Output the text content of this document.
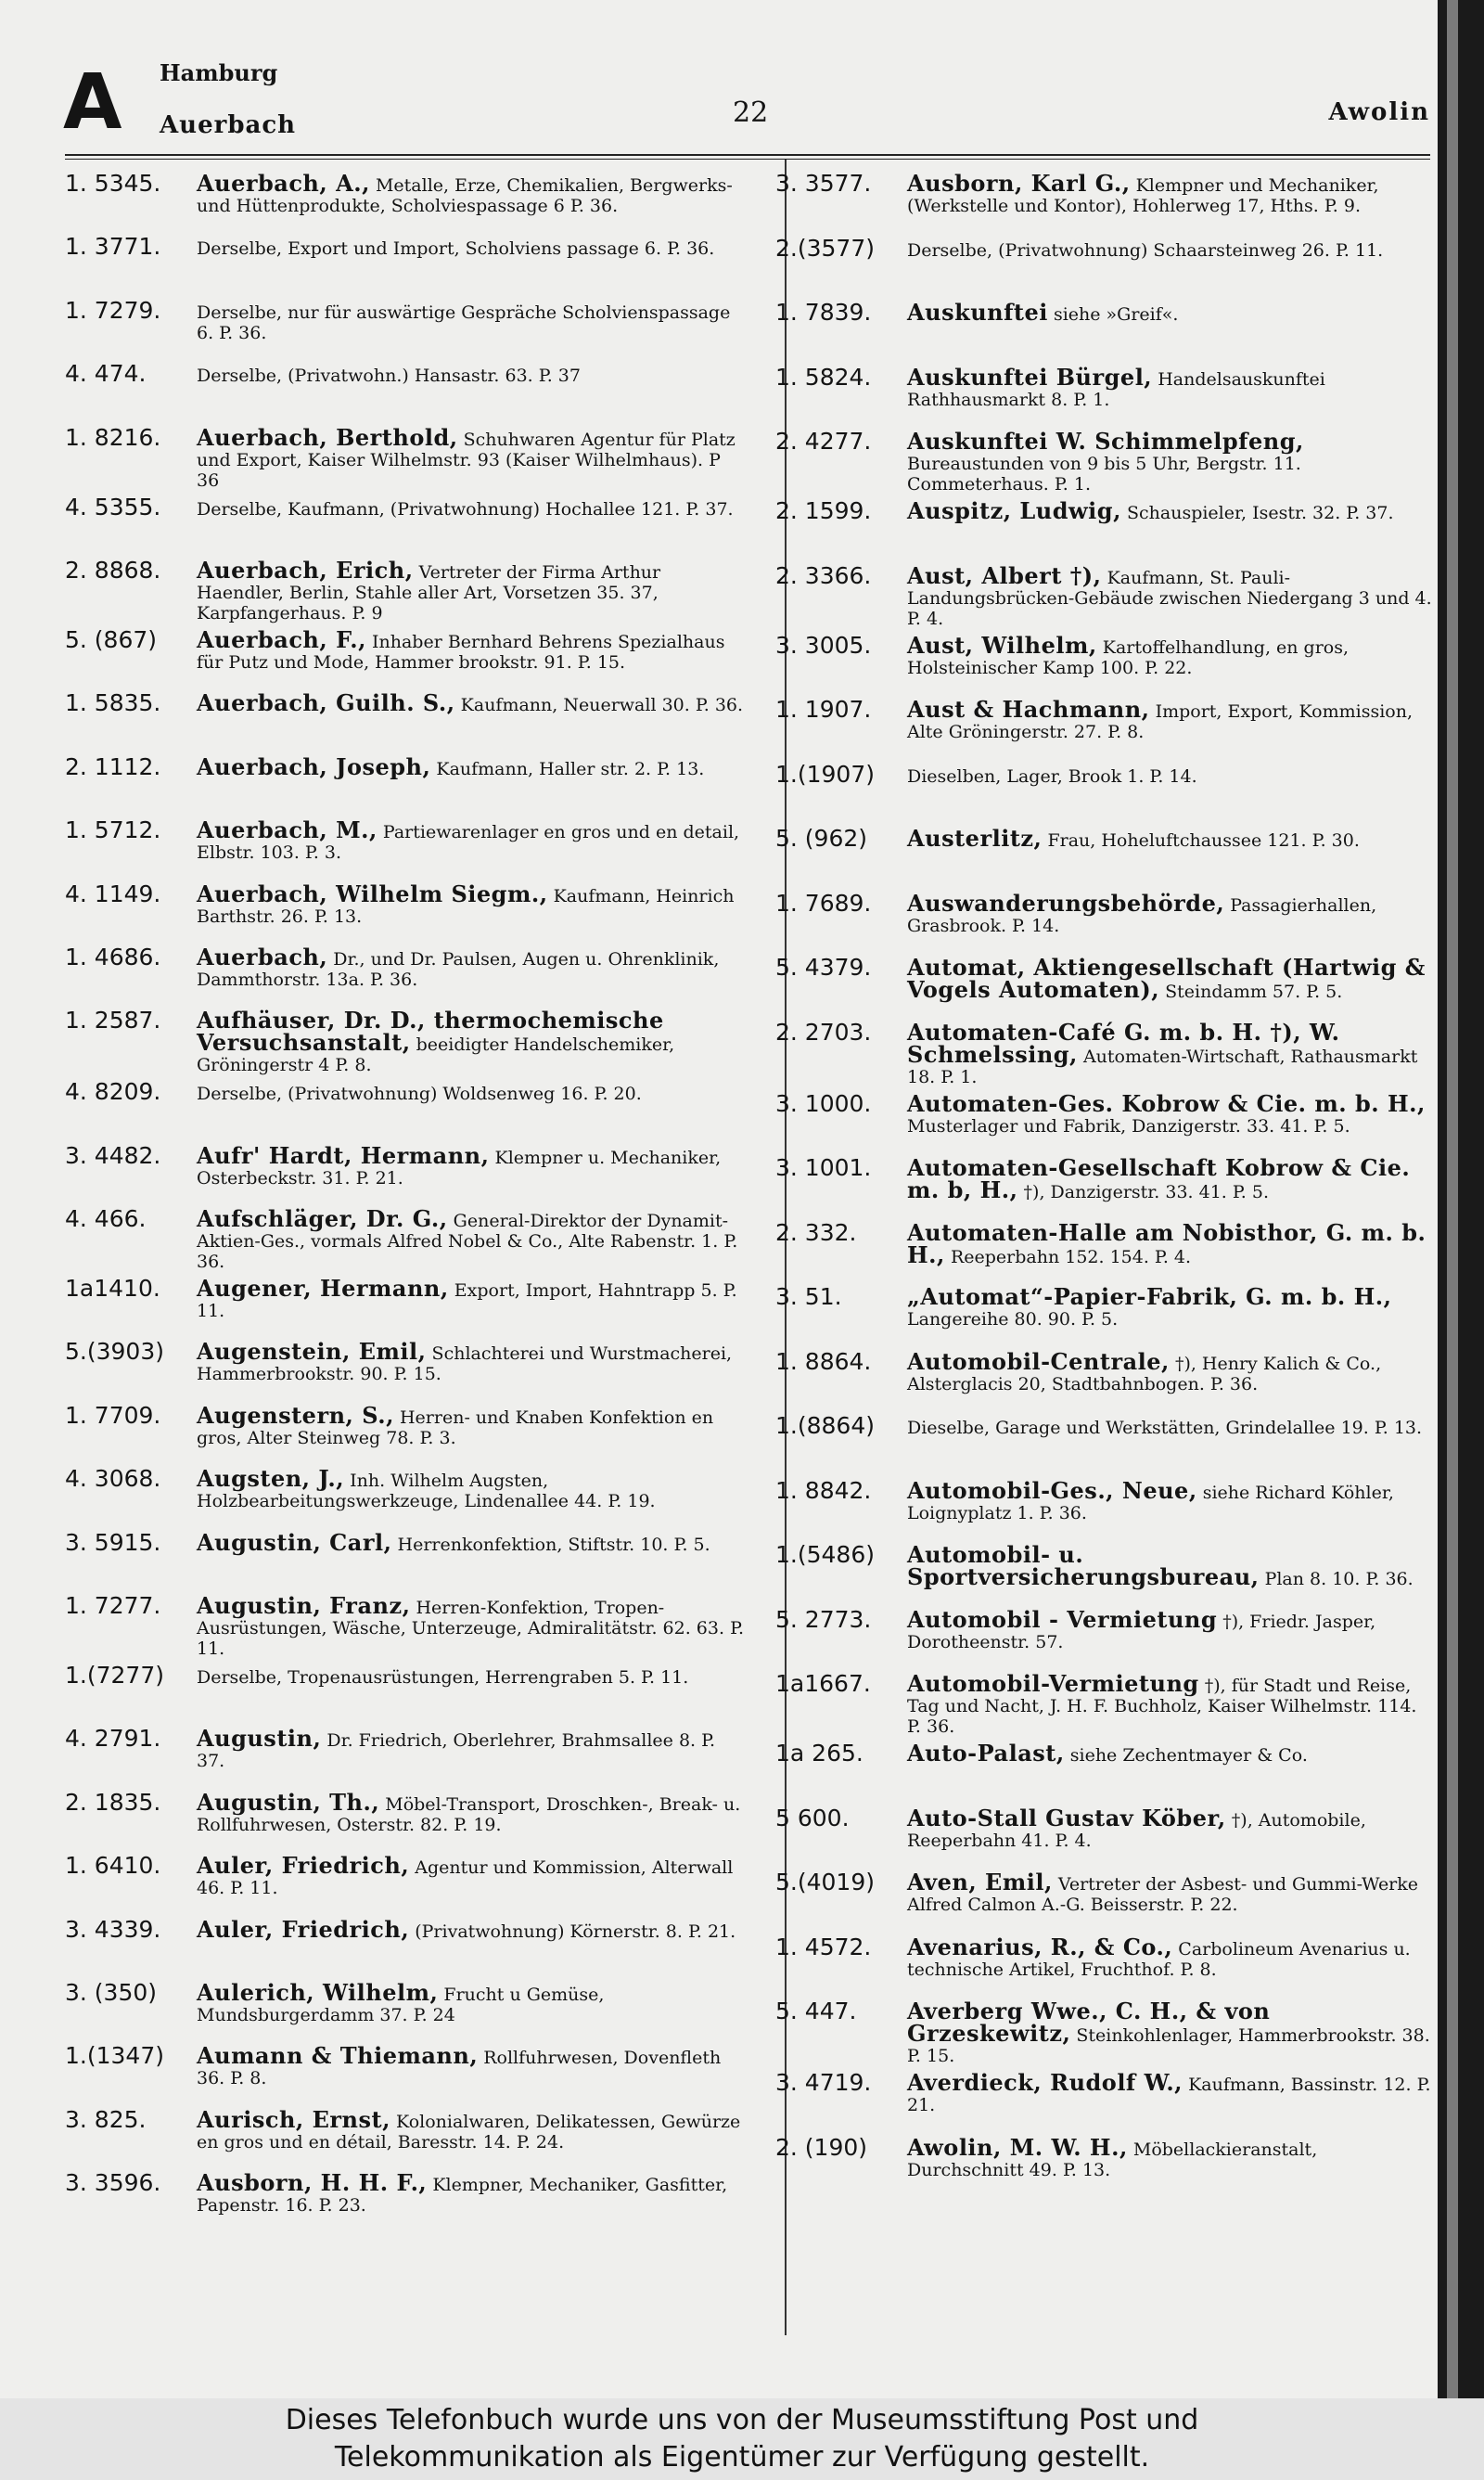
A Hamburg
Auerbach	22	Awolin
1. 5345.	Auerbach, A., Metalle, Erze, Chemikalien, Bergwerks- und Hüttenprodukte, Scholviespassage 6 P. 36.
1. 3771.	Derselbe, Export und Import, Scholviens passage 6. P. 36.
1. 7279.	Derselbe, nur für auswärtige Gespräche Scholvienspassage 6. P. 36.
4. 474.	Derselbe, (Privatwohn.) Hansastr. 63. P. 37
1. 8216.	Auerbach, Berthold, Schuhwaren Agentur für Platz und Export, Kaiser Wilhelmstr. 93 (Kaiser Wilhelmhaus). P 36
4. 5355.	Derselbe, Kaufmann, (Privatwohnung) Hochallee 121. P. 37.
2. 8868.	Auerbach, Erich, Vertreter der Firma Arthur Haendler, Berlin, Stahle aller Art, Vorsetzen 35. 37, Karpfangerhaus. P. 9
5. (867)	Auerbach, F., Inhaber Bernhard Behrens Spezialhaus für Putz und Mode, Hammer brookstr. 91. P. 15.
1. 5835.	Auerbach, Guilh. S., Kaufmann, Neuerwall 30. P. 36.
2. 1112.	Auerbach, Joseph, Kaufmann, Haller str. 2. P. 13.
1. 5712.	Auerbach, M., Partiewarenlager en gros und en detail, Elbstr. 103. P. 3.
4. 1149.	Auerbach, Wilhelm Siegm., Kaufmann, Heinrich Barthstr. 26. P. 13.
1. 4686.	Auerbach, Dr., und Dr. Paulsen, Augen u. Ohrenklinik, Dammthorstr. 13a. P. 36.
1. 2587.	Aufhäuser, Dr. D., thermochemische Versuchsanstalt, beeidigter Handelschemiker, Gröningerstr 4 P. 8.
4. 8209.	Derselbe, (Privatwohnung) Woldsenweg 16. P. 20.
3. 4482.	Aufr' Hardt, Hermann, Klempner u. Mechaniker, Osterbeckstr. 31. P. 21.
4. 466.	Aufschläger, Dr. G., General-Direktor der Dynamit-Aktien-Ges., vormals Alfred Nobel & Co., Alte Rabenstr. 1. P. 36.
1a1410.	Augener, Hermann, Export, Import, Hahntrapp 5. P. 11.
5.(3903)	Augenstein, Emil, Schlachterei und Wurstmacherei, Hammerbrookstr. 90. P. 15.
1. 7709.	Augenstern, S., Herren- und Knaben Konfektion en gros, Alter Steinweg 78. P. 3.
4. 3068.	Augsten, J., Inh. Wilhelm Augsten, Holzbearbeitungswerkzeuge, Lindenallee 44. P. 19.
3. 5915.	Augustin, Carl, Herrenkonfektion, Stiftstr. 10. P. 5.
1. 7277.	Augustin, Franz, Herren-Konfektion, Tropen-Ausrüstungen, Wäsche, Unterzeuge, Admiralitätstr. 62. 63. P. 11.
1.(7277)	Derselbe, Tropenausrüstungen, Herrengraben 5. P. 11.
4. 2791.	Augustin, Dr. Friedrich, Oberlehrer, Brahmsallee 8. P. 37.
2. 1835.	Augustin, Th., Möbel-Transport, Droschken-, Break- u. Rollfuhrwesen, Osterstr. 82. P. 19.
1. 6410.	Auler, Friedrich, Agentur und Kommission, Alterwall 46. P. 11.
3. 4339.	Auler, Friedrich, (Privatwohnung) Körnerstr. 8. P. 21.
3. (350)	Aulerich, Wilhelm, Frucht u Gemüse, Mundsburgerdamm 37. P. 24
1.(1347)	Aumann & Thiemann, Rollfuhrwesen, Dovenfleth 36. P. 8.
3. 825.	Aurisch, Ernst, Kolonialwaren, Delikatessen, Gewürze en gros und en détail, Baresstr. 14. P. 24.
3. 3596.	Ausborn, H. H. F., Klempner, Mechaniker, Gasfitter, Papenstr. 16. P. 23.
3. 3577.	Ausborn, Karl G., Klempner und Mechaniker, (Werkstelle und Kontor), Hohlerweg 17, Hths. P. 9.
2.(3577)	Derselbe, (Privatwohnung) Schaarsteinweg 26. P. 11.
1. 7839.	Auskunftei siehe »Greif«.
1. 5824.	Auskunftei Bürgel, Handelsauskunftei Rathhausmarkt 8. P. 1.
2. 4277.	Auskunftei W. Schimmelpfeng, Bureaustunden von 9 bis 5 Uhr, Bergstr. 11. Commeterhaus. P. 1.
2. 1599.	Auspitz, Ludwig, Schauspieler, Isestr. 32. P. 37.
2. 3366.	Aust, Albert †), Kaufmann, St. Pauli-Landungsbrücken-Gebäude zwischen Niedergang 3 und 4. P. 4.
3. 3005.	Aust, Wilhelm, Kartoffelhandlung, en gros, Holsteinischer Kamp 100. P. 22.
1. 1907.	Aust & Hachmann, Import, Export, Kommission, Alte Gröningerstr. 27. P. 8.
1.(1907)	Dieselben, Lager, Brook 1. P. 14.
5. (962)	Austerlitz, Frau, Hoheluftchaussee 121. P. 30.
1. 7689.	Auswanderungsbehörde, Passagierhallen, Grasbrook. P. 14.
5. 4379.	Automat, Aktiengesellschaft (Hartwig & Vogels Automaten), Steindamm 57. P. 5.
2. 2703.	Automaten-Café G. m. b. H. †), W. Schmelssing, Automaten-Wirtschaft, Rathausmarkt 18. P. 1.
3. 1000.	Automaten-Ges. Kobrow & Cie. m. b. H., Musterlager und Fabrik, Danzigerstr. 33. 41. P. 5.
3. 1001.	Automaten-Gesellschaft Kobrow & Cie. m. b, H., †), Danzigerstr. 33. 41. P. 5.
2. 332.	Automaten-Halle am Nobisthor, G. m. b. H., Reeperbahn 152. 154. P. 4.
3. 51.	„Automat“-Papier-Fabrik, G. m. b. H., Langereihe 80. 90. P. 5.
1. 8864.	Automobil-Centrale, †), Henry Kalich & Co., Alsterglacis 20, Stadtbahnbogen. P. 36.
1.(8864)	Dieselbe, Garage und Werkstätten, Grindelallee 19. P. 13.
1. 8842.	Automobil-Ges., Neue, siehe Richard Köhler, Loignyplatz 1. P. 36.
1.(5486)	Automobil- u. Sportversicherungsbureau, Plan 8. 10. P. 36.
5. 2773.	Automobil - Vermietung †), Friedr. Jasper, Dorotheenstr. 57.
1a1667.	Automobil-Vermietung †), für Stadt und Reise, Tag und Nacht, J. H. F. Buchholz, Kaiser Wilhelmstr. 114. P. 36.
1a 265.	Auto-Palast, siehe Zechentmayer & Co.
5 600.	Auto-Stall Gustav Köber, †), Automobile, Reeperbahn 41. P. 4.
5.(4019)	Aven, Emil, Vertreter der Asbest- und Gummi-Werke Alfred Calmon A.-G. Beisserstr. P. 22.
1. 4572.	Avenarius, R., & Co., Carbolineum Avenarius u. technische Artikel, Fruchthof. P. 8.
5. 447.	Averberg Wwe., C. H., & von Grzeskewitz, Steinkohlenlager, Hammerbrookstr. 38. P. 15.
3. 4719.	Averdieck, Rudolf W., Kaufmann, Bassinstr. 12. P. 21.
2. (190)	Awolin, M. W. H., Möbellackieranstalt, Durchschnitt 49. P. 13.
Dieses Telefonbuch wurde uns von der Museumsstiftung Post und
Telekommunikation als Eigentümer zur Verfügung gestellt.
